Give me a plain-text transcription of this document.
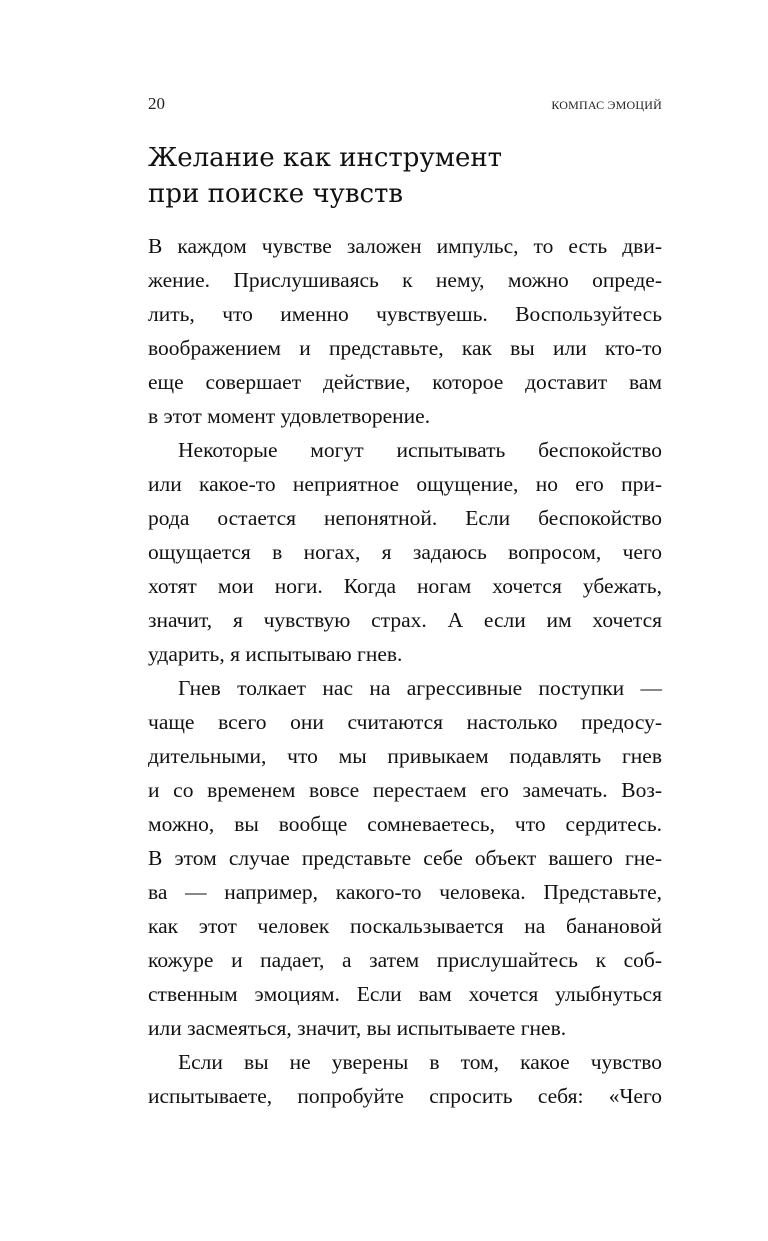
20	КОМПАС ЭМОЦИЙ
Желание как инструмент
при поиске чувств

В каждом чувстве заложен импульс, то есть дви-
жение. Прислушиваясь к нему, можно опреде-
лить, что именно чувствуешь. Воспользуйтесь
воображением и представьте, как вы или кто-то
еще совершает действие, которое доставит вам
в этот момент удовлетворение.

Некоторые могут испытывать беспокойство
или какое-то неприятное ощущение, но его при-
рода остается непонятной. Если беспокойство
ощущается в ногах, я задаюсь вопросом, чего
хотят мои ноги. Когда ногам хочется убежать,
значит, я чувствую страх. А если им хочется
ударить, я испытываю гнев.

Гнев толкает нас на агрессивные поступки —
чаще всего они считаются настолько предосу-
дительными, что мы привыкаем подавлять гнев
и со временем вовсе перестаем его замечать. Воз-
можно, вы вообще сомневаетесь, что сердитесь.
В этом случае представьте себе объект вашего гне-
ва — например, какого-то человека. Представьте,
как этот человек поскальзывается на банановой
кожуре и падает, а затем прислушайтесь к соб-
ственным эмоциям. Если вам хочется улыбнуться
или засмеяться, значит, вы испытываете гнев.

Если вы не уверены в том, какое чувство
испытываете, попробуйте спросить себя: «Чего
